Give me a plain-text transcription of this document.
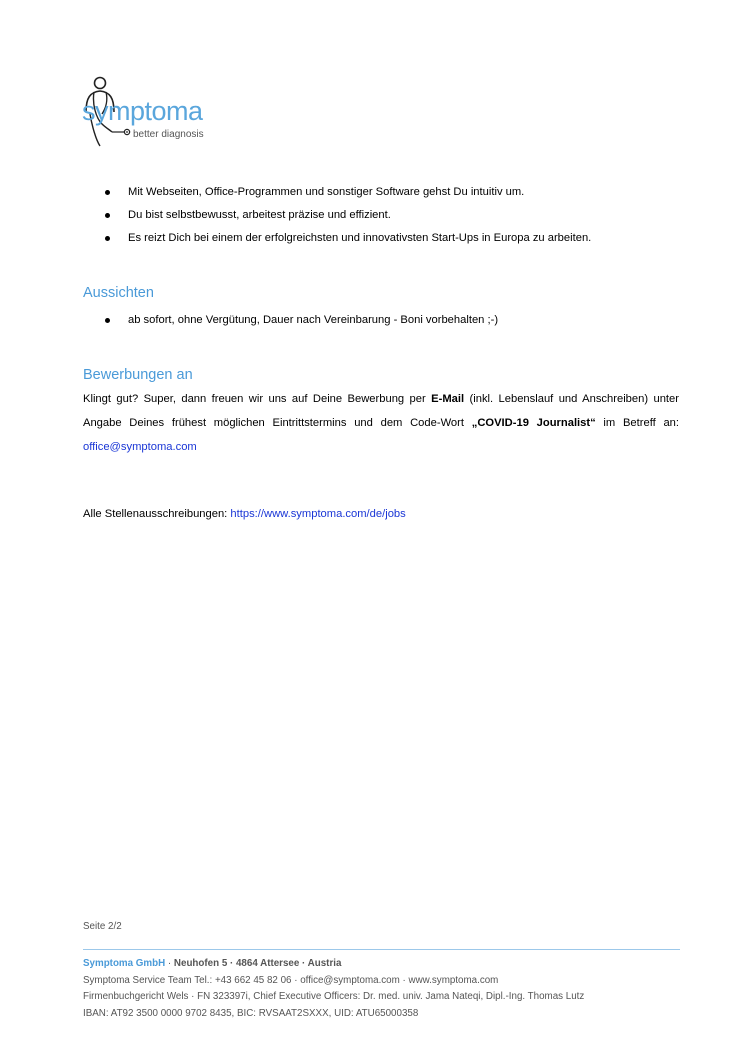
symptoma
better diagnosis
Mit Webseiten, Office-Programmen und sonstiger Software gehst Du intuitiv um.
Du bist selbstbewusst, arbeitest präzise und effizient.
Es reizt Dich bei einem der erfolgreichsten und innovativsten Start-Ups in Europa zu arbeiten.
Aussichten
ab sofort, ohne Vergütung, Dauer nach Vereinbarung - Boni vorbehalten ;-)
Bewerbungen an

Klingt gut? Super, dann freuen wir uns auf Deine Bewerbung per E-Mail (inkl. Lebenslauf und Anschreiben) unter Angabe Deines frühest möglichen Eintrittstermins und dem Code-Wort „COVID-19 Journalist“ im Betreff an: office@symptoma.com

Alle Stellenausschreibungen: https://www.symptoma.com/de/jobs

Seite 2/2
Symptoma GmbH · Neuhofen 5 · 4864 Attersee · Austria
Symptoma Service Team Tel.: +43 662 45 82 06 · office@symptoma.com · www.symptoma.com
Firmenbuchgericht Wels · FN 323397i, Chief Executive Officers: Dr. med. univ. Jama Nateqi, Dipl.-Ing. Thomas Lutz
IBAN: AT92 3500 0000 9702 8435, BIC: RVSAAT2SXXX, UID: ATU65000358
